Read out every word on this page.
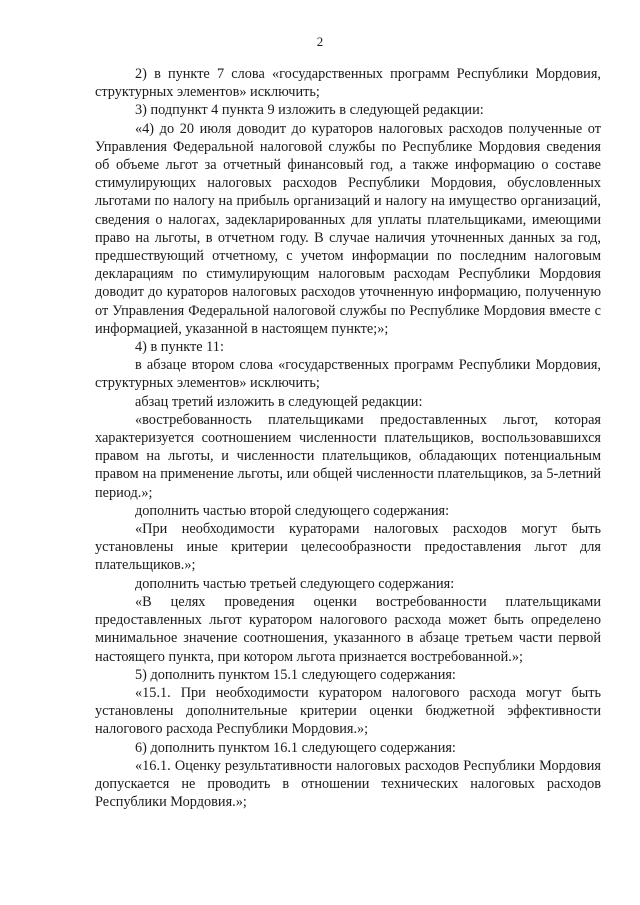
2

2) в пункте 7 слова «государственных программ Республики Мордовия, структурных элементов» исключить;

3) подпункт 4 пункта 9 изложить в следующей редакции:

«4) до 20 июля доводит до кураторов налоговых расходов полученные от Управления Федеральной налоговой службы по Республике Мордовия сведения об объеме льгот за отчетный финансовый год, а также информацию о составе стимулирующих налоговых расходов Республики Мордовия, обусловленных льготами по налогу на прибыль организаций и налогу на имущество организаций, сведения о налогах, задекларированных для уплаты плательщиками, имеющими право на льготы, в отчетном году. В случае наличия уточненных данных за год, предшествующий отчетному, с учетом информации по последним налоговым декларациям по стимулирующим налоговым расходам Республики Мордовия доводит до кураторов налоговых расходов уточненную информацию, полученную от Управления Федеральной налоговой службы по Республике Мордовия вместе с информацией, указанной в настоящем пункте;»;

4) в пункте 11:

в абзаце втором слова «государственных программ Республики Мордовия, структурных элементов» исключить;

абзац третий изложить в следующей редакции:

«востребованность плательщиками предоставленных льгот, которая характеризуется соотношением численности плательщиков, воспользовавшихся правом на льготы, и численности плательщиков, обладающих потенциальным правом на применение льготы, или общей численности плательщиков, за 5-летний период.»;

дополнить частью второй следующего содержания:

«При необходимости кураторами налоговых расходов могут быть установлены иные критерии целесообразности предоставления льгот для плательщиков.»;

дополнить частью третьей следующего содержания:

«В целях проведения оценки востребованности плательщиками предоставленных льгот куратором налогового расхода может быть определено минимальное значение соотношения, указанного в абзаце третьем части первой настоящего пункта, при котором льгота признается востребованной.»;

5) дополнить пунктом 15.1 следующего содержания:

«15.1. При необходимости куратором налогового расхода могут быть установлены дополнительные критерии оценки бюджетной эффективности налогового расхода Республики Мордовия.»;

6) дополнить пунктом 16.1 следующего содержания:

«16.1. Оценку результативности налоговых расходов Республики Мордовия допускается не проводить в отношении технических налоговых расходов Республики Мордовия.»;
